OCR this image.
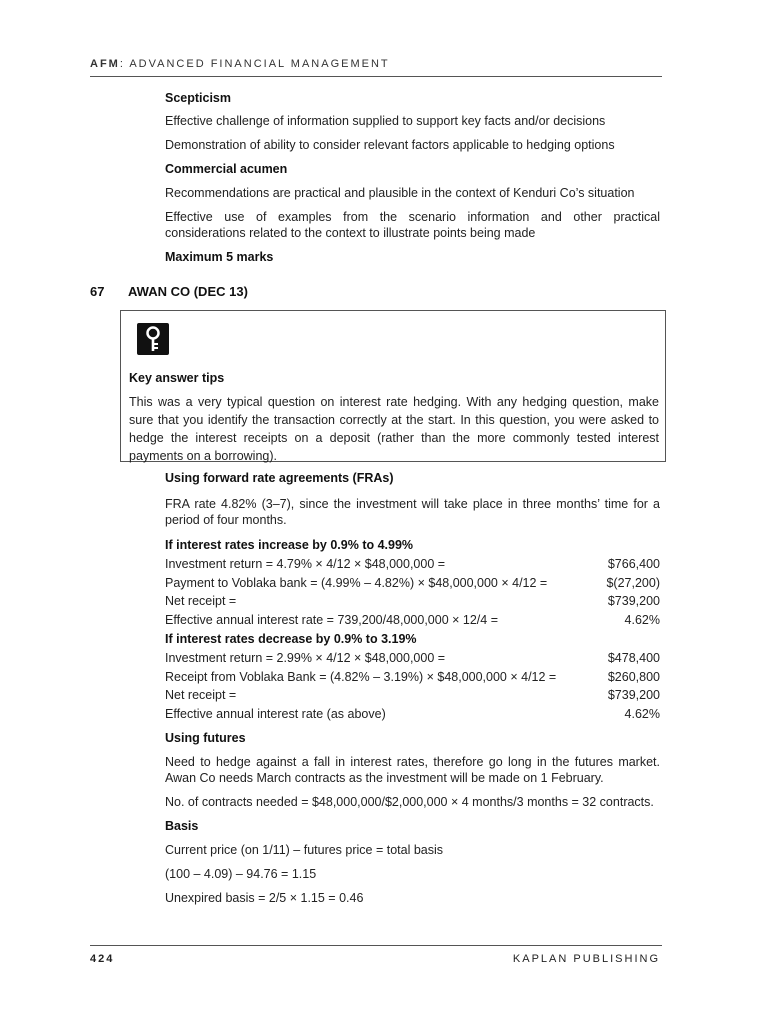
AFM: ADVANCED FINANCIAL MANAGEMENT
Scepticism
Effective challenge of information supplied to support key facts and/or decisions
Demonstration of ability to consider relevant factors applicable to hedging options
Commercial acumen
Recommendations are practical and plausible in the context of Kenduri Co’s situation
Effective use of examples from the scenario information and other practical considerations related to the context to illustrate points being made
Maximum 5 marks
67 AWAN CO (DEC 13)
Key answer tips
This was a very typical question on interest rate hedging. With any hedging question, make sure that you identify the transaction correctly at the start. In this question, you were asked to hedge the interest receipts on a deposit (rather than the more commonly tested interest payments on a borrowing).
Using forward rate agreements (FRAs)
FRA rate 4.82% (3–7), since the investment will take place in three months’ time for a period of four months.
If interest rates increase by 0.9% to 4.99%
Investment return = 4.79% × 4/12 × $48,000,000 =	$766,400
Payment to Voblaka bank = (4.99% – 4.82%) × $48,000,000 × 4/12 =	$(27,200)
Net receipt =	$739,200
Effective annual interest rate = 739,200/48,000,000 × 12/4 =	4.62%
If interest rates decrease by 0.9% to 3.19%
Investment return = 2.99% × 4/12 × $48,000,000 =	$478,400
Receipt from Voblaka Bank = (4.82% – 3.19%) × $48,000,000 × 4/12 =	$260,800
Net receipt =	$739,200
Effective annual interest rate (as above)	4.62%
Using futures
Need to hedge against a fall in interest rates, therefore go long in the futures market. Awan Co needs March contracts as the investment will be made on 1 February.
No. of contracts needed = $48,000,000/$2,000,000 × 4 months/3 months = 32 contracts.
Basis
Current price (on 1/11) – futures price = total basis
(100 – 4.09) – 94.76 = 1.15
Unexpired basis = 2/5 × 1.15 = 0.46
424	KAPLAN PUBLISHING
